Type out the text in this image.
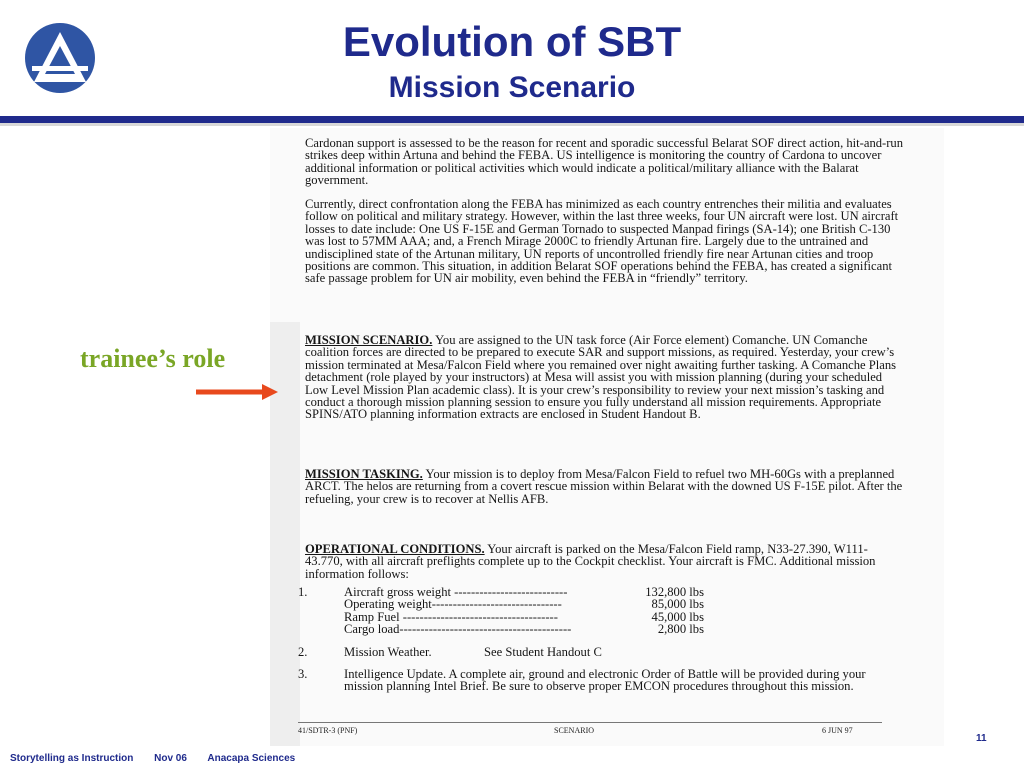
Evolution of SBT
Mission Scenario
Cardonan support is assessed to be the reason for recent and sporadic successful Belarat SOF direct action, hit-and-run strikes deep within Artuna and behind the FEBA. US intelligence is monitoring the country of Cardona to uncover additional information or political activities which would indicate a political/military alliance with the Balarat government.
Currently, direct confrontation along the FEBA has minimized as each country entrenches their militia and evaluates follow on political and military strategy. However, within the last three weeks, four UN aircraft were lost. UN aircraft losses to date include: One US F-15E and German Tornado to suspected Manpad firings (SA-14); one British C-130 was lost to 57MM AAA; and, a French Mirage 2000C to friendly Artunan fire. Largely due to the untrained and undisciplined state of the Artunan military, UN reports of uncontrolled friendly fire near Artunan cities and troop positions are common. This situation, in addition Belarat SOF operations behind the FEBA, has created a significant safe passage problem for UN air mobility, even behind the FEBA in “friendly” territory.
MISSION SCENARIO. You are assigned to the UN task force (Air Force element) Comanche. UN Comanche coalition forces are directed to be prepared to execute SAR and support missions, as required. Yesterday, your crew’s mission terminated at Mesa/Falcon Field where you remained over night awaiting further tasking. A Comanche Plans detachment (role played by your instructors) at Mesa will assist you with mission planning (during your scheduled Low Level Mission Plan academic class). It is your crew’s responsibility to review your next mission’s tasking and conduct a thorough mission planning session to ensure you fully understand all mission requirements. Appropriate SPINS/ATO planning information extracts are enclosed in Student Handout B.
MISSION TASKING. Your mission is to deploy from Mesa/Falcon Field to refuel two MH-60Gs with a preplanned ARCT. The helos are returning from a covert rescue mission within Belarat with the downed US F-15E pilot. After the refueling, your crew is to recover at Nellis AFB.
OPERATIONAL CONDITIONS. Your aircraft is parked on the Mesa/Falcon Field ramp, N33-27.390, W111-43.770, with all aircraft preflights complete up to the Cockpit checklist. Your aircraft is FMC. Additional mission information follows:
1.	Aircraft gross weight ---------------------------	132,800 lbs
Operating weight-------------------------------	85,000 lbs
Ramp Fuel -------------------------------------	45,000 lbs
Cargo load-----------------------------------------	2,800 lbs
2.	Mission Weather.	See Student Handout C
3.	Intelligence Update. A complete air, ground and electronic Order of Battle will be provided during your mission planning Intel Brief. Be sure to observe proper EMCON procedures throughout this mission.
41/SDTR-3 (PNF)	SCENARIO	6 JUN 97
trainee’s role
11
Storytelling as Instruction Nov 06 Anacapa Sciences
